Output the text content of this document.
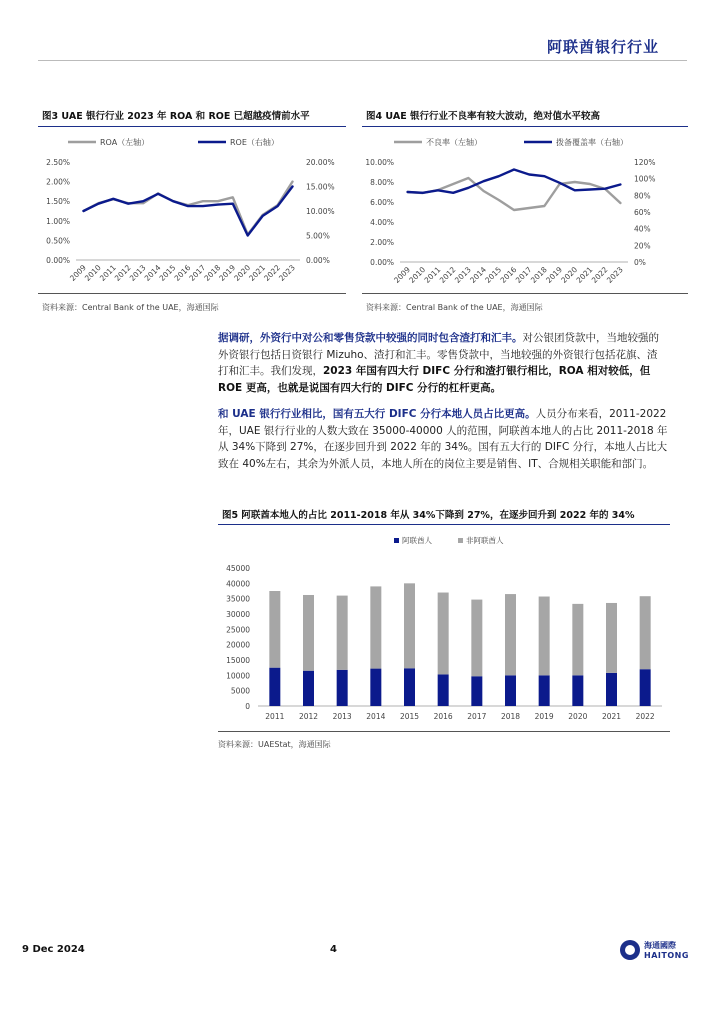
阿联酋银行行业
图3 UAE 银行行业 2023 年 ROA 和 ROE 已超越疫情前水平
ROA（左轴）	ROE（右轴）
0.00%
0.50%
1.00%
1.50%
2.00%
2.50%
0.00%
5.00%
10.00%
15.00%
20.00%
2009
2010
2011
2012
2013
2014
2015
2016
2017
2018
2019
2020
2021
2022
2023
资料来源：Central Bank of the UAE，海通国际
图4 UAE 银行行业不良率有较大波动，绝对值水平较高
不良率（左轴）	拨备覆盖率（右轴）
0.00%
2.00%
4.00%
6.00%
8.00%
10.00%
0%
20%
40%
60%
80%
100%
120%
2009
2010
2011
2012
2013
2014
2015
2016
2017
2018
2019
2020
2021
2022
2023
资料来源：Central Bank of the UAE，海通国际
据调研，外资行中对公和零售贷款中较强的同时包含渣打和汇丰。对公银团贷款中，当地较强的外资银行包括日资银行 Mizuho、渣打和汇丰。零售贷款中，当地较强的外资银行包括花旗、渣打和汇丰。我们发现，2023 年国有四大行 DIFC 分行和渣打银行相比，ROA 相对较低，但 ROE 更高，也就是说国有四大行的 DIFC 分行的杠杆更高。
和 UAE 银行行业相比，国有五大行 DIFC 分行本地人员占比更高。人员分布来看，2011-2022 年，UAE 银行行业的人数大致在 35000-40000 人的范围，阿联酋本地人的占比 2011-2018 年从 34%下降到 27%，在逐步回升到 2022 年的 34%。国有五大行的 DIFC 分行，本地人占比大致在 40%左右，其余为外派人员，本地人所在的岗位主要是销售、IT、合规相关职能和部门。
图5 阿联酋本地人的占比 2011-2018 年从 34%下降到 27%，在逐步回升到 2022 年的 34%
阿联酋人	非阿联酋人
0
5000
10000
15000
20000
25000
30000
35000
40000
45000
2011 2012 2013 2014 2015 2016 2017 2018 2019 2020 2021 2022
资料来源：UAEStat，海通国际
9 Dec 2024	4	海通國際
HAITONG
